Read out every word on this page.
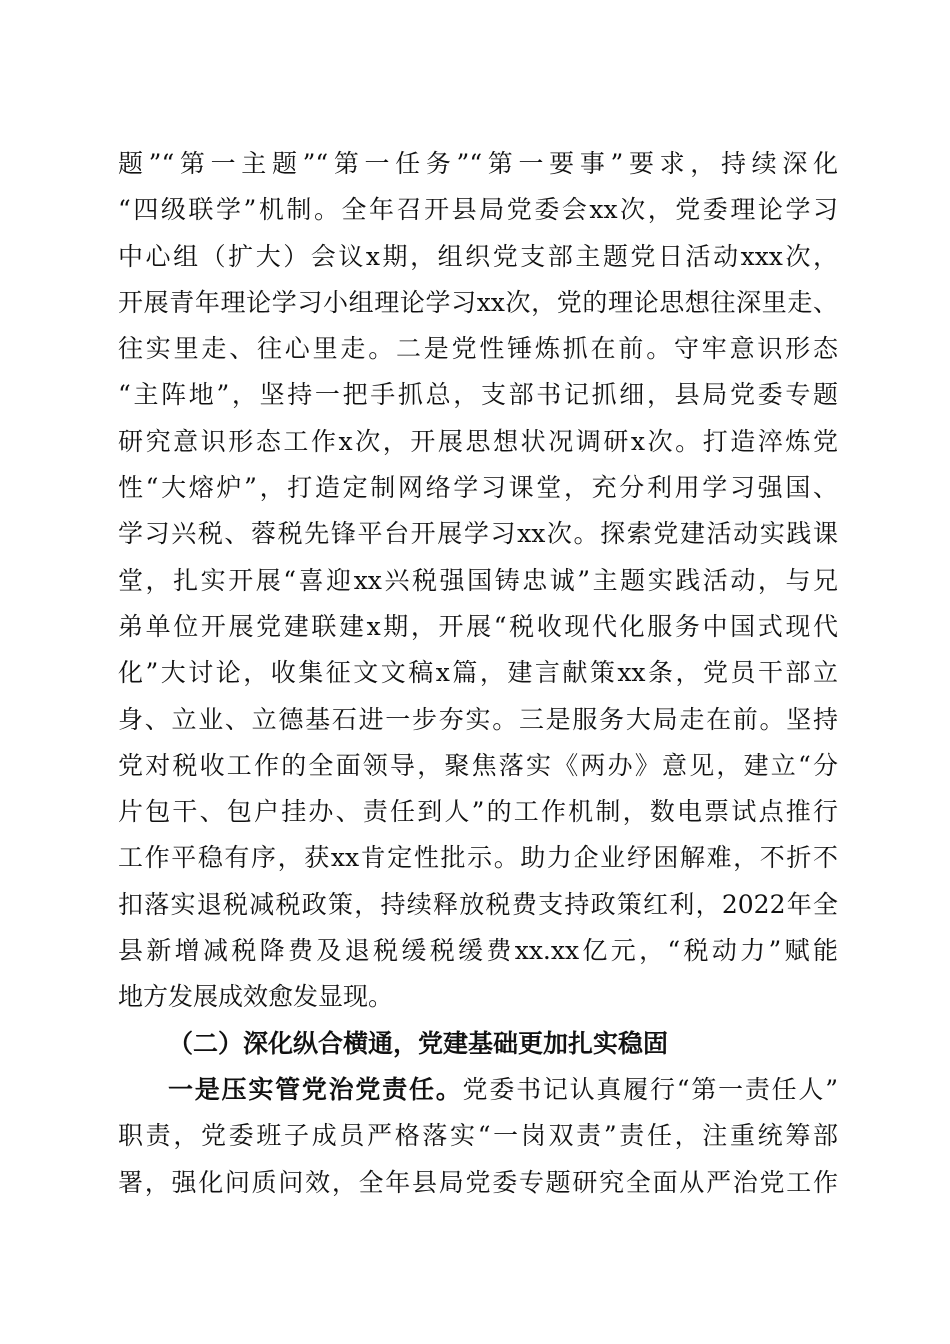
题”“第一主题”“第一任务”“第一要事”要求，持续深化
“四级联学”机制。全年召开县局党委会xx次，党委理论学习
中心组（扩大）会议x期，组织党支部主题党日活动xxx次，
开展青年理论学习小组理论学习xx次，党的理论思想往深里走、
往实里走、往心里走。二是党性锤炼抓在前。守牢意识形态
“主阵地”，坚持一把手抓总，支部书记抓细，县局党委专题
研究意识形态工作x次，开展思想状况调研x次。打造淬炼党
性“大熔炉”，打造定制网络学习课堂，充分利用学习强国、
学习兴税、蓉税先锋平台开展学习xx次。探索党建活动实践课
堂，扎实开展“喜迎xx兴税强国铸忠诚”主题实践活动，与兄
弟单位开展党建联建x期，开展“税收现代化服务中国式现代
化”大讨论，收集征文文稿x篇，建言献策xx条，党员干部立
身、立业、立德基石进一步夯实。三是服务大局走在前。坚持
党对税收工作的全面领导，聚焦落实《两办》意见，建立“分
片包干、包户挂办、责任到人”的工作机制，数电票试点推行
工作平稳有序，获xx肯定性批示。助力企业纾困解难，不折不
扣落实退税减税政策，持续释放税费支持政策红利，2022年全
县新增减税降费及退税缓税缓费xx.xx亿元，“税动力”赋能
地方发展成效愈发显现。
（二）深化纵合横通，党建基础更加扎实稳固
一是压实管党治党责任。党委书记认真履行“第一责任人”
职责，党委班子成员严格落实“一岗双责”责任，注重统筹部
署，强化问质问效，全年县局党委专题研究全面从严治党工作
